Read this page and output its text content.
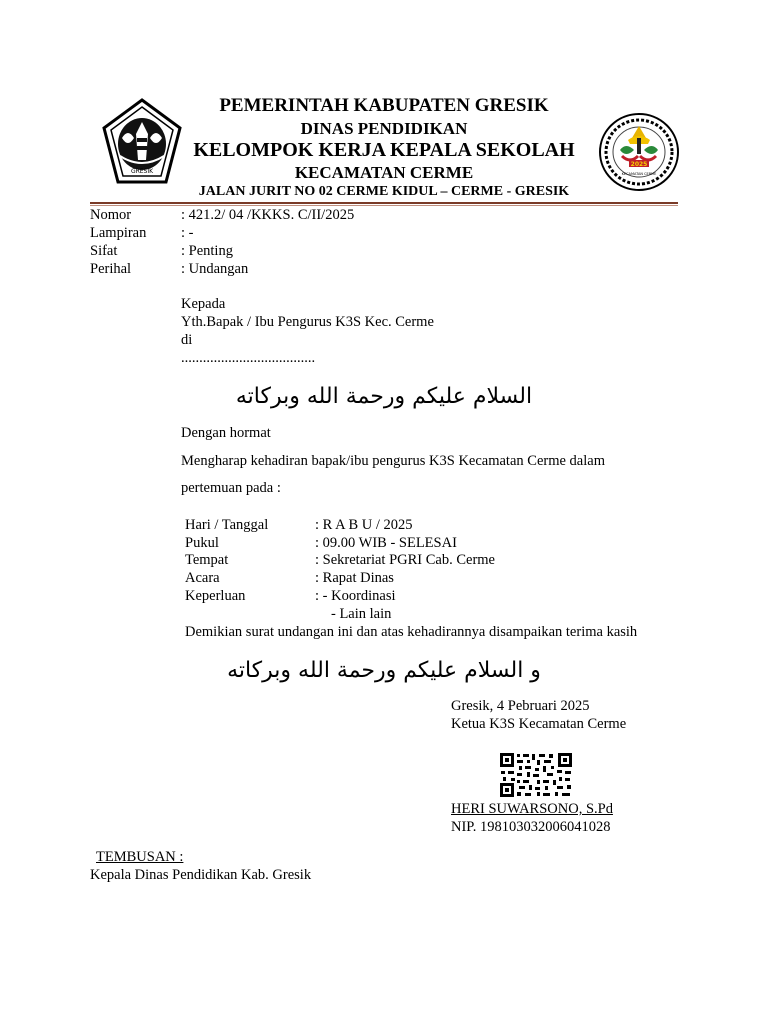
GRESIK
2025
KECAMATAN CERME
PEMERINTAH KABUPATEN GRESIK
DINAS PENDIDIKAN
KELOMPOK KERJA KEPALA SEKOLAH
KECAMATAN CERME
JALAN JURIT NO 02 CERME KIDUL – CERME - GRESIK
Nomor	: 421.2/ 04 /KKKS. C/II/2025
Lampiran : -
Sifat	: Penting
Perihal	: Undangan
Kepada
Yth.Bapak / Ibu Pengurus K3S Kec. Cerme
di
.....................................
السلام عليكم ورحمة الله وبركاته
Dengan hormat
Mengharap kehadiran bapak/ibu pengurus K3S Kecamatan Cerme dalam
pertemuan pada :
Hari / Tanggal	: R A B U / 2025
Pukul	: 09.00 WIB - SELESAI
Tempat	: Sekretariat PGRI Cab. Cerme
Acara	: Rapat Dinas
Keperluan	: - Koordinasi
- Lain lain
Demikian surat undangan ini dan atas kehadirannya disampaikan terima kasih
و السلام عليكم ورحمة الله وبركاته
Gresik, 4 Pebruari 2025
Ketua K3S Kecamatan Cerme
HERI SUWARSONO, S.Pd
NIP. 198103032006041028
TEMBUSAN :
Kepala Dinas Pendidikan Kab. Gresik
